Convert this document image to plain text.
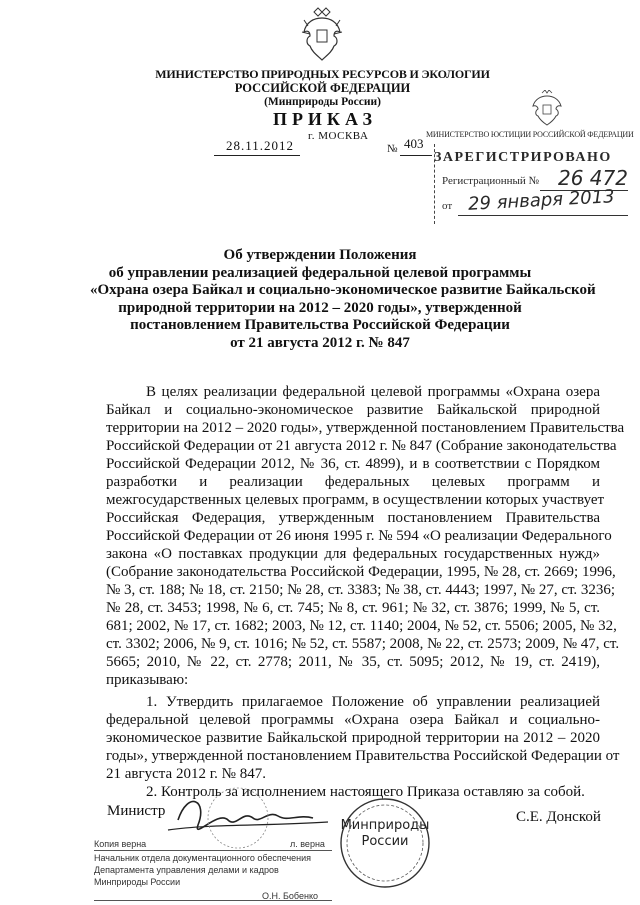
МИНИСТЕРСТВО ПРИРОДНЫХ РЕСУРСОВ И ЭКОЛОГИИ
РОССИЙСКОЙ ФЕДЕРАЦИИ
(Минприроды России)
ПРИКАЗ
28.11.2012
г. МОСКВА
№ 403
МИНИСТЕРСТВО ЮСТИЦИИ РОССИЙСКОЙ ФЕДЕРАЦИИ
ЗАРЕГИСТРИРОВАНО
Регистрационный № 26 472
от 29 января 2013
Об утверждении Положения
об управлении реализацией федеральной целевой программы
«Охрана озера Байкал и социально-экономическое развитие Байкальской
природной территории на 2012 – 2020 годы», утвержденной
постановлением Правительства Российской Федерации
от 21 августа 2012 г. № 847
В целях реализации федеральной целевой программы «Охрана озера
Байкал и социально-экономическое развитие Байкальской природной
территории на 2012 – 2020 годы», утвержденной постановлением Правительства
Российской Федерации от 21 августа 2012 г. № 847 (Собрание законодательства
Российской Федерации 2012, № 36, ст. 4899), и в соответствии с Порядком
разработки и реализации федеральных целевых программ и
межгосударственных целевых программ, в осуществлении которых участвует
Российская Федерация, утвержденным постановлением Правительства
Российской Федерации от 26 июня 1995 г. № 594 «О реализации Федерального
закона «О поставках продукции для федеральных государственных нужд»
(Собрание законодательства Российской Федерации, 1995, № 28, ст. 2669; 1996,
№ 3, ст. 188; № 18, ст. 2150; № 28, ст. 3383; № 38, ст. 4443; 1997, № 27, ст. 3236;
№ 28, ст. 3453; 1998, № 6, ст. 745; № 8, ст. 961; № 32, ст. 3876; 1999, № 5, ст.
681; 2002, № 17, ст. 1682; 2003, № 12, ст. 1140; 2004, № 52, ст. 5506; 2005, № 32,
ст. 3302; 2006, № 9, ст. 1016; № 52, ст. 5587; 2008, № 22, ст. 2573; 2009, № 47, ст.
5665; 2010, № 22, ст. 2778; 2011, № 35, ст. 5095; 2012, № 19, ст. 2419),
приказываю:
1. Утвердить прилагаемое Положение об управлении реализацией
федеральной целевой программы «Охрана озера Байкал и социально-
экономическое развитие Байкальской природной территории на 2012 – 2020
годы», утвержденной постановлением Правительства Российской Федерации от
21 августа 2012 г. № 847.
2. Контроль за исполнением настоящего Приказа оставляю за собой.
Министр	С.Е. Донской
Минприроды
России
Копия верна	л. верна
Начальник отдела документационного обеспечения
Департамента управления делами и кадров
Минприроды России
О.Н. Бобенко
